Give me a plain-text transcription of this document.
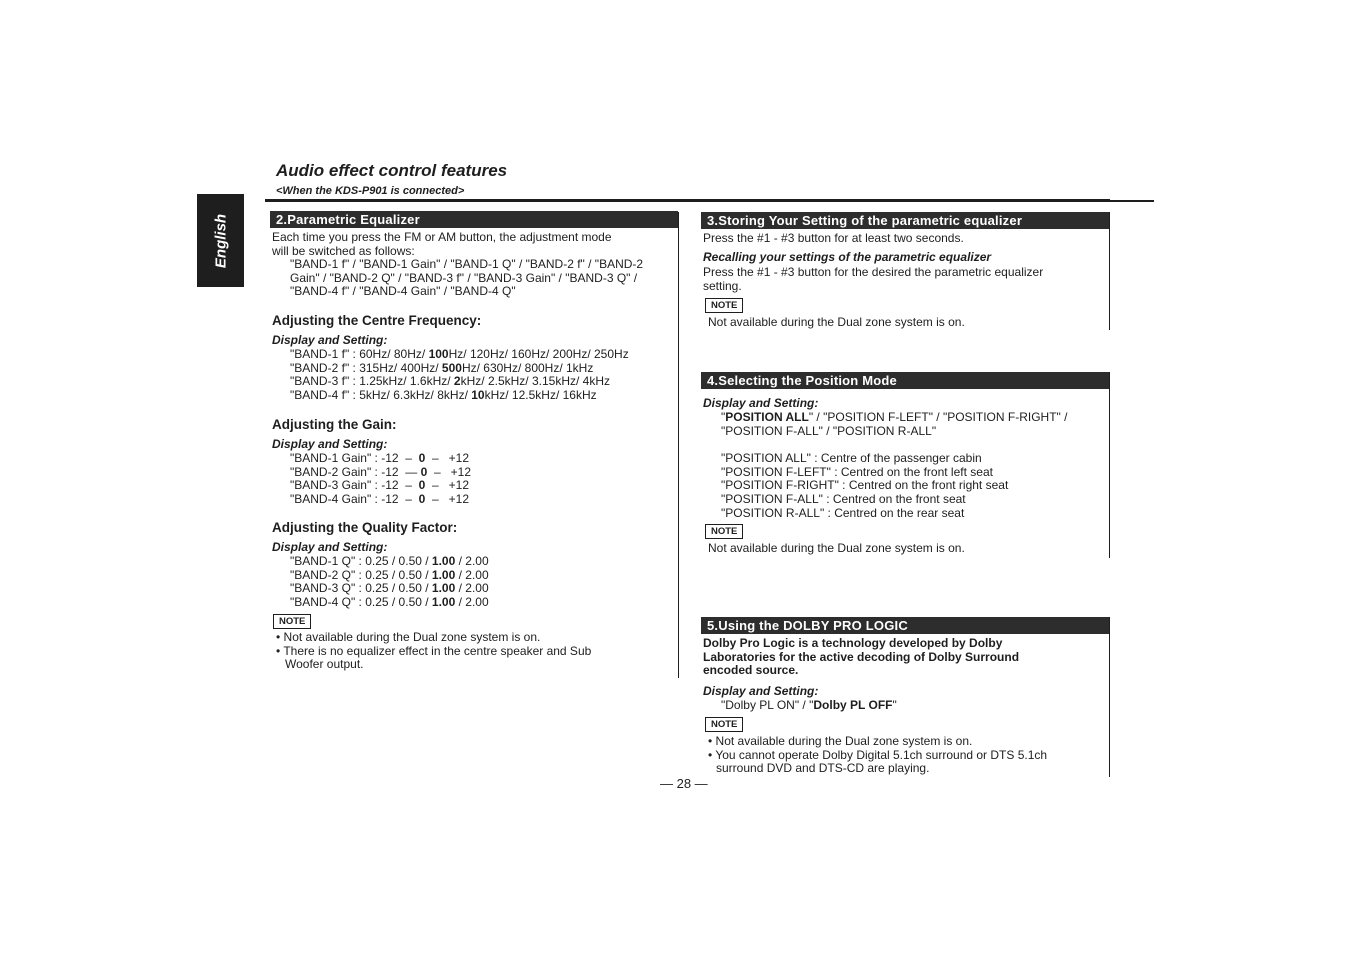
Audio effect control features
<When the KDS-P901 is connected>
English	2.Parametric Equalizer
Each time you press the FM or AM button, the adjustment mode
will be switched as follows:
"BAND-1 f" / "BAND-1 Gain" / "BAND-1 Q" / "BAND-2 f" / "BAND-2
Gain" / "BAND-2 Q" / "BAND-3 f" / "BAND-3 Gain" / "BAND-3 Q" /
"BAND-4 f" / "BAND-4 Gain" / "BAND-4 Q"
Adjusting the Centre Frequency:
Display and Setting:
"BAND-1 f" : 60Hz/ 80Hz/ 100Hz/ 120Hz/ 160Hz/ 200Hz/ 250Hz
"BAND-2 f" : 315Hz/ 400Hz/ 500Hz/ 630Hz/ 800Hz/ 1kHz
"BAND-3 f" : 1.25kHz/ 1.6kHz/ 2kHz/ 2.5kHz/ 3.15kHz/ 4kHz
"BAND-4 f" : 5kHz/ 6.3kHz/ 8kHz/ 10kHz/ 12.5kHz/ 16kHz
Adjusting the Gain:
Display and Setting:
"BAND-1 Gain" : -12 – 0 – +12
"BAND-2 Gain" : -12 — 0 – +12
"BAND-3 Gain" : -12 – 0 – +12
"BAND-4 Gain" : -12 – 0 – +12
Adjusting the Quality Factor:
Display and Setting:
"BAND-1 Q" : 0.25 / 0.50 / 1.00 / 2.00
"BAND-2 Q" : 0.25 / 0.50 / 1.00 / 2.00
"BAND-3 Q" : 0.25 / 0.50 / 1.00 / 2.00
"BAND-4 Q" : 0.25 / 0.50 / 1.00 / 2.00
NOTE
• Not available during the Dual zone system is on.
• There is no equalizer effect in the centre speaker and Sub
Woofer output.
3.Storing Your Setting of the parametric equalizer
Press the #1 - #3 button for at least two seconds.
Recalling your settings of the parametric equalizer
Press the #1 - #3 button for the desired the parametric equalizer
setting.
NOTE
Not available during the Dual zone system is on.
4.Selecting the Position Mode
Display and Setting:
"POSITION ALL" / "POSITION F-LEFT" / "POSITION F-RIGHT" /
"POSITION F-ALL" / "POSITION R-ALL"
"POSITION ALL" : Centre of the passenger cabin
"POSITION F-LEFT" : Centred on the front left seat
"POSITION F-RIGHT" : Centred on the front right seat
"POSITION F-ALL" : Centred on the front seat
"POSITION R-ALL" : Centred on the rear seat
NOTE
Not available during the Dual zone system is on.
5.Using the DOLBY PRO LOGIC
Dolby Pro Logic is a technology developed by Dolby
Laboratories for the active decoding of Dolby Surround
encoded source.
Display and Setting:
"Dolby PL ON" / "Dolby PL OFF"
NOTE
• Not available during the Dual zone system is on.
• You cannot operate Dolby Digital 5.1ch surround or DTS 5.1ch
surround DVD and DTS-CD are playing.
— 28 —
